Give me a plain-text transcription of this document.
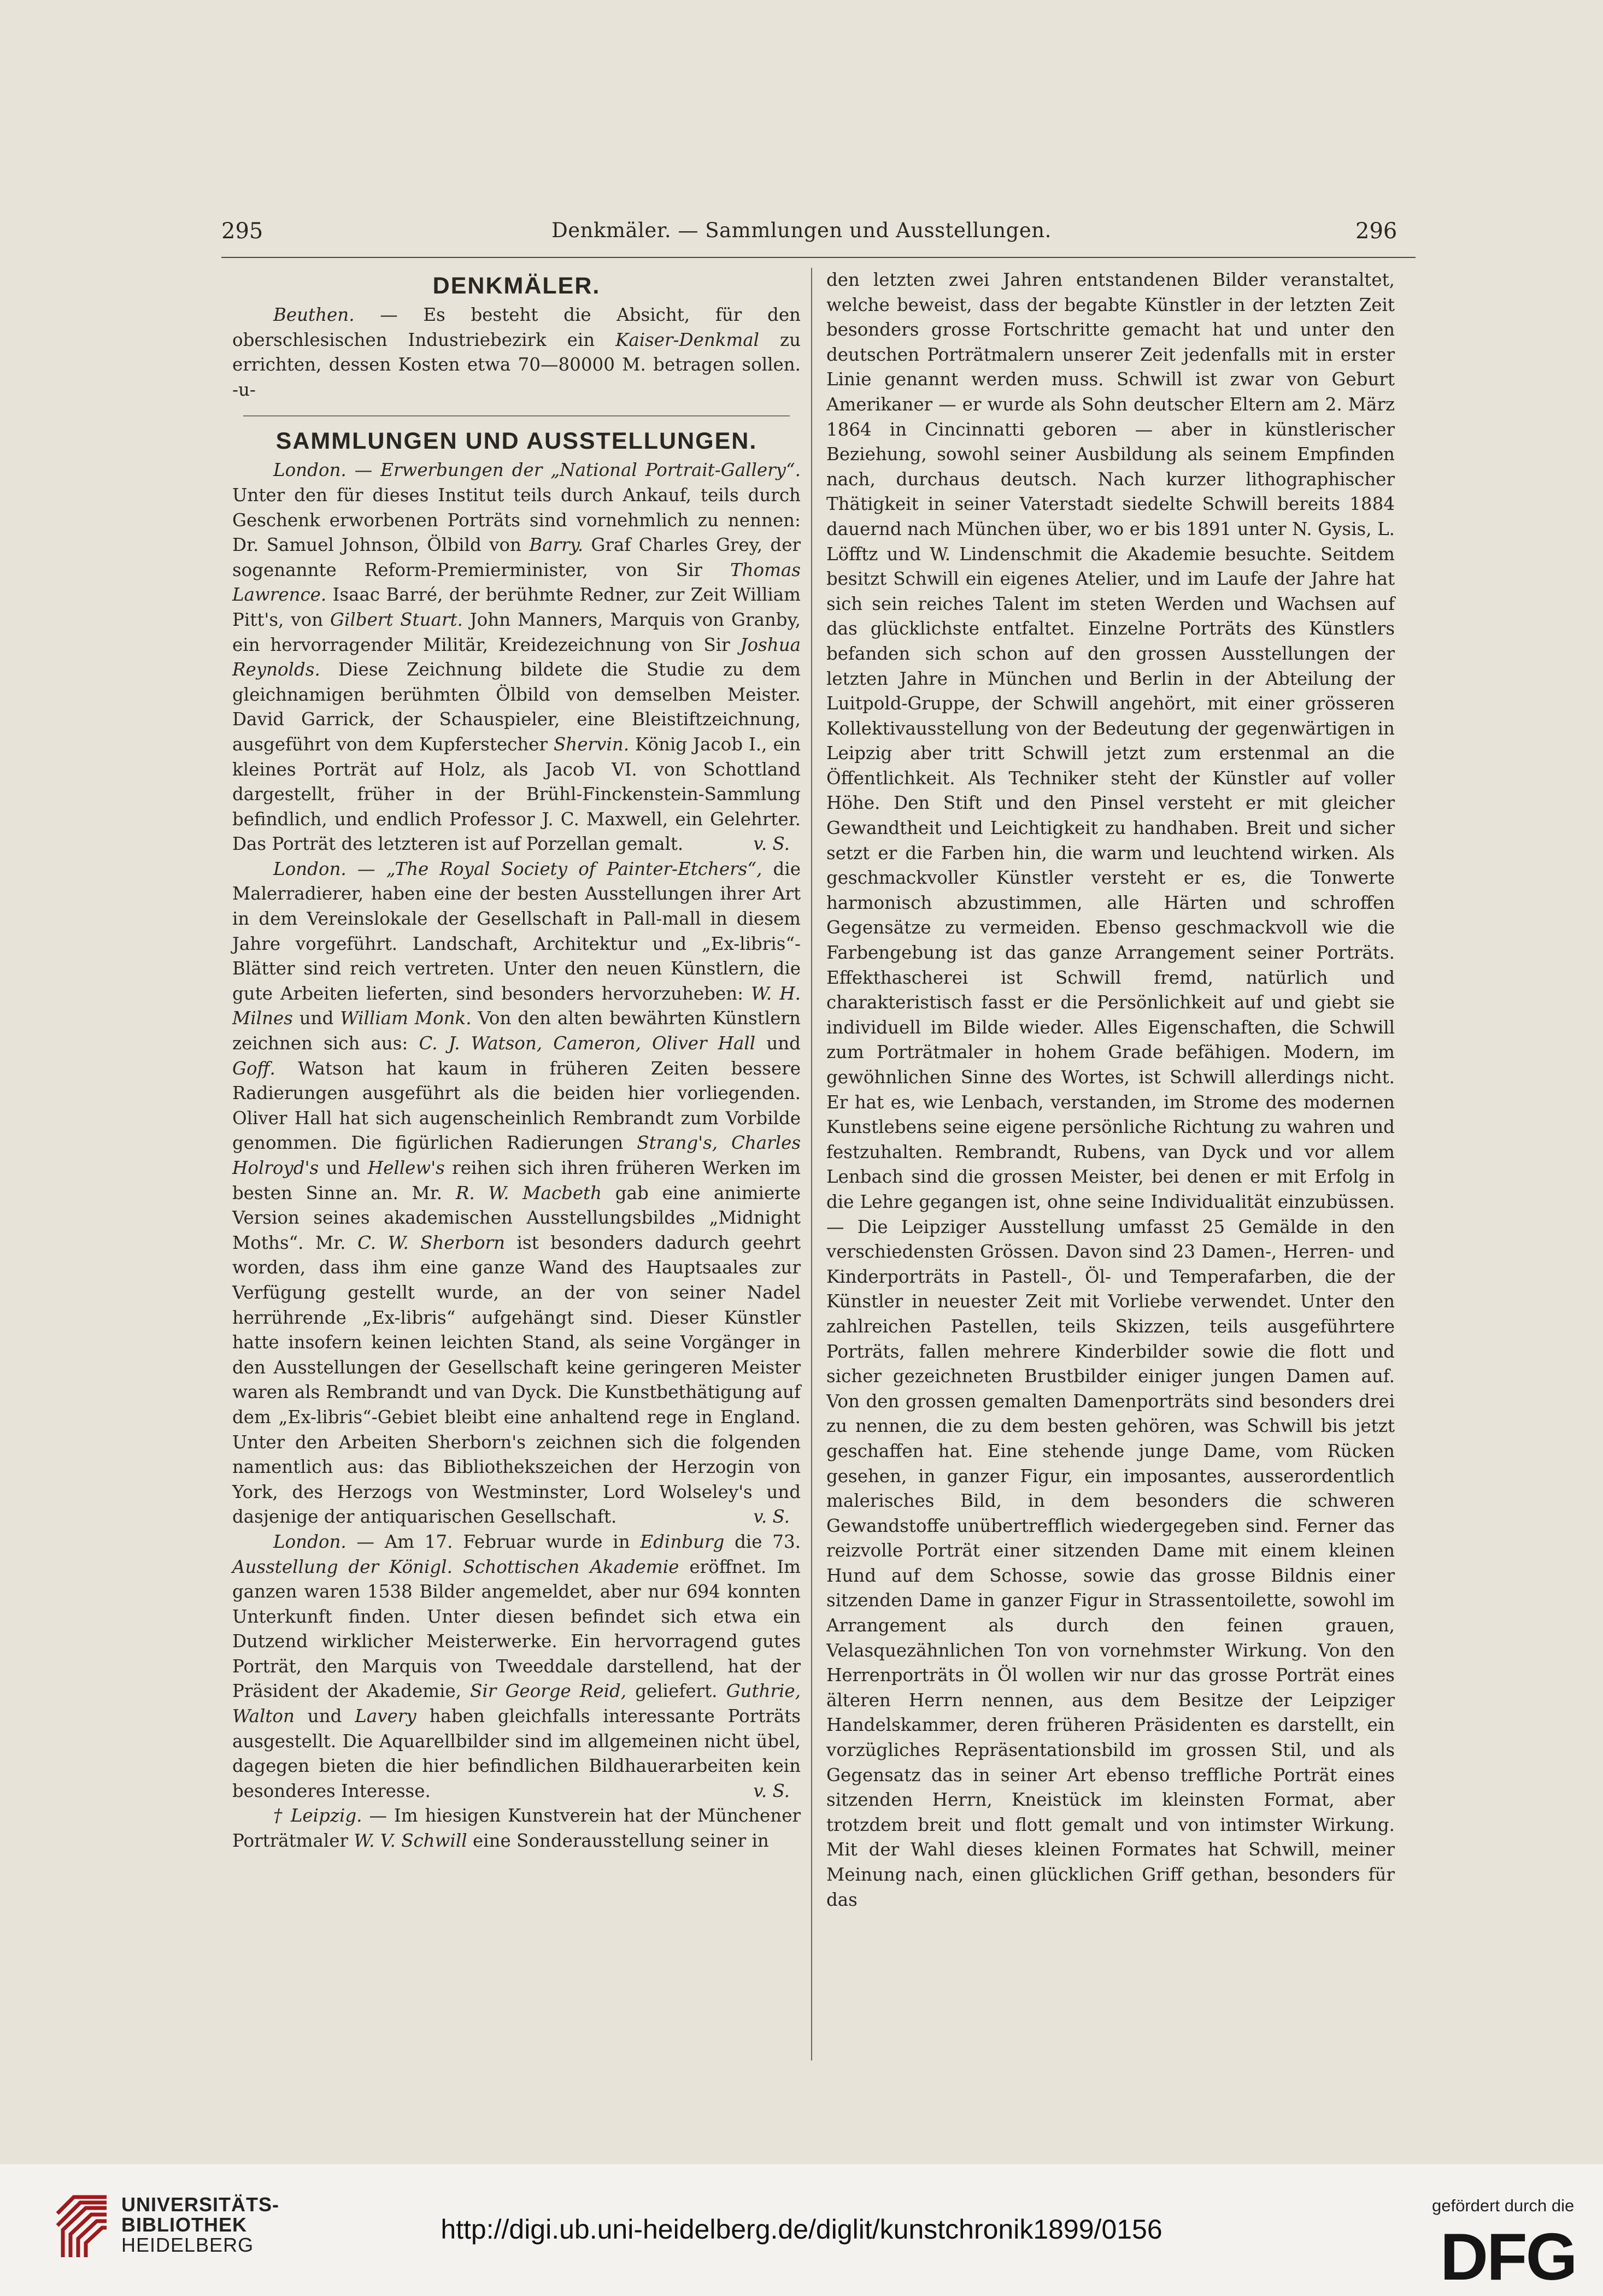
295	Denkmäler. — Sammlungen und Ausstellungen.	296
DENKMÄLER.

Beuthen. — Es besteht die Absicht, für den oberschlesischen Industriebezirk ein Kaiser-Denkmal zu errichten, dessen Kosten etwa 70—80000 M. betragen sollen. -u-

SAMMLUNGEN UND AUSSTELLUNGEN.

London. — Erwerbungen der „National Portrait-Gallery“. Unter den für dieses Institut teils durch Ankauf, teils durch Geschenk erworbenen Porträts sind vornehmlich zu nennen: Dr. Samuel Johnson, Ölbild von Barry. Graf Charles Grey, der sogenannte Reform-Premierminister, von Sir Thomas Lawrence. Isaac Barré, der berühmte Redner, zur Zeit William Pitt's, von Gilbert Stuart. John Manners, Marquis von Granby, ein hervorragender Militär, Kreidezeichnung von Sir Joshua Reynolds. Diese Zeichnung bildete die Studie zu dem gleichnamigen berühmten Ölbild von demselben Meister. David Garrick, der Schauspieler, eine Bleistiftzeichnung, ausgeführt von dem Kupferstecher Shervin. König Jacob I., ein kleines Porträt auf Holz, als Jacob VI. von Schottland dargestellt, früher in der Brühl-Finckenstein-Sammlung befindlich, und endlich Professor J. C. Maxwell, ein Gelehrter. Das Porträt des letzteren ist auf Porzellan gemalt.	v. S.

London. — „The Royal Society of Painter-Etchers“, die Malerradierer, haben eine der besten Ausstellungen ihrer Art in dem Vereinslokale der Gesellschaft in Pall-mall in diesem Jahre vorgeführt. Landschaft, Architektur und „Ex-libris“-Blätter sind reich vertreten. Unter den neuen Künstlern, die gute Arbeiten lieferten, sind besonders hervorzuheben: W. H. Milnes und William Monk. Von den alten bewährten Künstlern zeichnen sich aus: C. J. Watson, Cameron, Oliver Hall und Goff. Watson hat kaum in früheren Zeiten bessere Radierungen ausgeführt als die beiden hier vorliegenden. Oliver Hall hat sich augenscheinlich Rembrandt zum Vorbilde genommen. Die figürlichen Radierungen Strang's, Charles Holroyd's und Hellew's reihen sich ihren früheren Werken im besten Sinne an. Mr. R. W. Macbeth gab eine animierte Version seines akademischen Ausstellungsbildes „Midnight Moths“. Mr. C. W. Sherborn ist besonders dadurch geehrt worden, dass ihm eine ganze Wand des Hauptsaales zur Verfügung gestellt wurde, an der von seiner Nadel herrührende „Ex-libris“ aufgehängt sind. Dieser Künstler hatte insofern keinen leichten Stand, als seine Vorgänger in den Ausstellungen der Gesellschaft keine geringeren Meister waren als Rembrandt und van Dyck. Die Kunstbethätigung auf dem „Ex-libris“-Gebiet bleibt eine anhaltend rege in England. Unter den Arbeiten Sherborn's zeichnen sich die folgenden namentlich aus: das Bibliothekszeichen der Herzogin von York, des Herzogs von Westminster, Lord Wolseley's und dasjenige der antiquarischen Gesellschaft.	v. S.

London. — Am 17. Februar wurde in Edinburg die 73. Ausstellung der Königl. Schottischen Akademie eröffnet. Im ganzen waren 1538 Bilder angemeldet, aber nur 694 konnten Unterkunft finden. Unter diesen befindet sich etwa ein Dutzend wirklicher Meisterwerke. Ein hervorragend gutes Porträt, den Marquis von Tweeddale darstellend, hat der Präsident der Akademie, Sir George Reid, geliefert. Guthrie, Walton und Lavery haben gleichfalls interessante Porträts ausgestellt. Die Aquarellbilder sind im allgemeinen nicht übel, dagegen bieten die hier befindlichen Bildhauerarbeiten kein besonderes Interesse.	v. S.

† Leipzig. — Im hiesigen Kunstverein hat der Münchener Porträtmaler W. V. Schwill eine Sonderausstellung seiner in

den letzten zwei Jahren entstandenen Bilder veranstaltet, welche beweist, dass der begabte Künstler in der letzten Zeit besonders grosse Fortschritte gemacht hat und unter den deutschen Porträtmalern unserer Zeit jedenfalls mit in erster Linie genannt werden muss. Schwill ist zwar von Geburt Amerikaner — er wurde als Sohn deutscher Eltern am 2. März 1864 in Cincinnatti geboren — aber in künstlerischer Beziehung, sowohl seiner Ausbildung als seinem Empfinden nach, durchaus deutsch. Nach kurzer lithographischer Thätigkeit in seiner Vaterstadt siedelte Schwill bereits 1884 dauernd nach München über, wo er bis 1891 unter N. Gysis, L. Löfftz und W. Lindenschmit die Akademie besuchte. Seitdem besitzt Schwill ein eigenes Atelier, und im Laufe der Jahre hat sich sein reiches Talent im steten Werden und Wachsen auf das glücklichste entfaltet. Einzelne Porträts des Künstlers befanden sich schon auf den grossen Ausstellungen der letzten Jahre in München und Berlin in der Abteilung der Luitpold-Gruppe, der Schwill angehört, mit einer grösseren Kollektivausstellung von der Bedeutung der gegenwärtigen in Leipzig aber tritt Schwill jetzt zum erstenmal an die Öffentlichkeit. Als Techniker steht der Künstler auf voller Höhe. Den Stift und den Pinsel versteht er mit gleicher Gewandtheit und Leichtigkeit zu handhaben. Breit und sicher setzt er die Farben hin, die warm und leuchtend wirken. Als geschmackvoller Künstler versteht er es, die Tonwerte harmonisch abzustimmen, alle Härten und schroffen Gegensätze zu vermeiden. Ebenso geschmackvoll wie die Farbengebung ist das ganze Arrangement seiner Porträts. Effekthascherei ist Schwill fremd, natürlich und charakteristisch fasst er die Persönlichkeit auf und giebt sie individuell im Bilde wieder. Alles Eigenschaften, die Schwill zum Porträtmaler in hohem Grade befähigen. Modern, im gewöhnlichen Sinne des Wortes, ist Schwill allerdings nicht. Er hat es, wie Lenbach, verstanden, im Strome des modernen Kunstlebens seine eigene persönliche Richtung zu wahren und festzuhalten. Rembrandt, Rubens, van Dyck und vor allem Lenbach sind die grossen Meister, bei denen er mit Erfolg in die Lehre gegangen ist, ohne seine Individualität einzubüssen. — Die Leipziger Ausstellung umfasst 25 Gemälde in den verschiedensten Grössen. Davon sind 23 Damen-, Herren- und Kinderporträts in Pastell-, Öl- und Temperafarben, die der Künstler in neuester Zeit mit Vorliebe verwendet. Unter den zahlreichen Pastellen, teils Skizzen, teils ausgeführtere Porträts, fallen mehrere Kinderbilder sowie die flott und sicher gezeichneten Brustbilder einiger jungen Damen auf. Von den grossen gemalten Damenporträts sind besonders drei zu nennen, die zu dem besten gehören, was Schwill bis jetzt geschaffen hat. Eine stehende junge Dame, vom Rücken gesehen, in ganzer Figur, ein imposantes, ausserordentlich malerisches Bild, in dem besonders die schweren Gewandstoffe unübertrefflich wiedergegeben sind. Ferner das reizvolle Porträt einer sitzenden Dame mit einem kleinen Hund auf dem Schosse, sowie das grosse Bildnis einer sitzenden Dame in ganzer Figur in Strassentoilette, sowohl im Arrangement als durch den feinen grauen, Velasquezähnlichen Ton von vornehmster Wirkung. Von den Herrenporträts in Öl wollen wir nur das grosse Porträt eines älteren Herrn nennen, aus dem Besitze der Leipziger Handelskammer, deren früheren Präsidenten es darstellt, ein vorzügliches Repräsentationsbild im grossen Stil, und als Gegensatz das in seiner Art ebenso treffliche Porträt eines sitzenden Herrn, Kneistück im kleinsten Format, aber trotzdem breit und flott gemalt und von intimster Wirkung. Mit der Wahl dieses kleinen Formates hat Schwill, meiner Meinung nach, einen glücklichen Griff gethan, besonders für das

UNIVERSITÄTS-
BIBLIOTHEK
HEIDELBERG
http://digi.ub.uni-heidelberg.de/diglit/kunstchronik1899/0156
gefördert durch die
DFG
